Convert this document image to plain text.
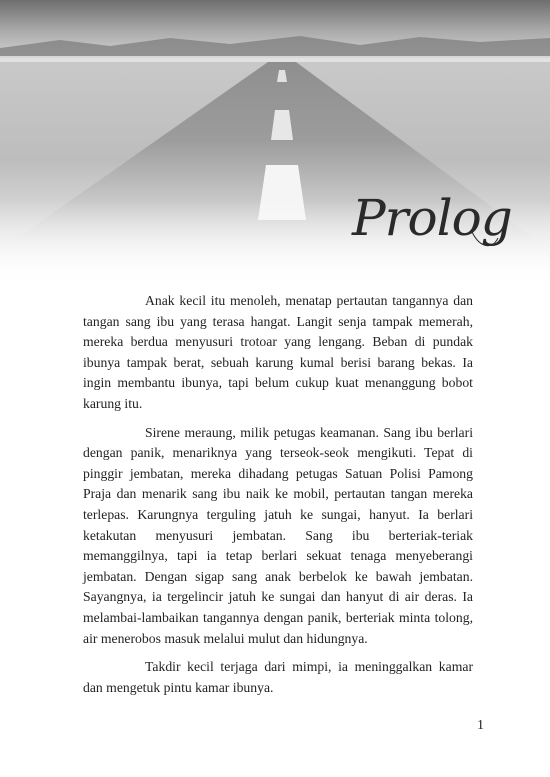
Prolog

Anak kecil itu menoleh, menatap pertautan tangannya dan tangan sang ibu yang terasa hangat. Langit senja tampak memerah, mereka berdua menyusuri trotoar yang lengang. Beban di pundak ibunya tampak berat, sebuah karung kumal berisi barang bekas. Ia ingin membantu ibunya, tapi belum cukup kuat menanggung bobot karung itu.

Sirene meraung, milik petugas keamanan. Sang ibu berlari dengan panik, menariknya yang terseok-seok mengikuti. Tepat di pinggir jembatan, mereka dihadang petugas Satuan Polisi Pamong Praja dan menarik sang ibu naik ke mobil, pertautan tangan mereka terlepas. Karungnya terguling jatuh ke sungai, hanyut. Ia berlari ketakutan menyusuri jembatan. Sang ibu berteriak-teriak memanggilnya, tapi ia tetap berlari sekuat tenaga menyeberangi jembatan. Dengan sigap sang anak berbelok ke bawah jembatan. Sayangnya, ia tergelincir jatuh ke sungai dan hanyut di air deras. Ia melambai-lambaikan tangannya dengan panik, berteriak minta tolong, air menerobos masuk melalui mulut dan hidungnya.

Takdir kecil terjaga dari mimpi, ia meninggalkan kamar dan mengetuk pintu kamar ibunya.

1
